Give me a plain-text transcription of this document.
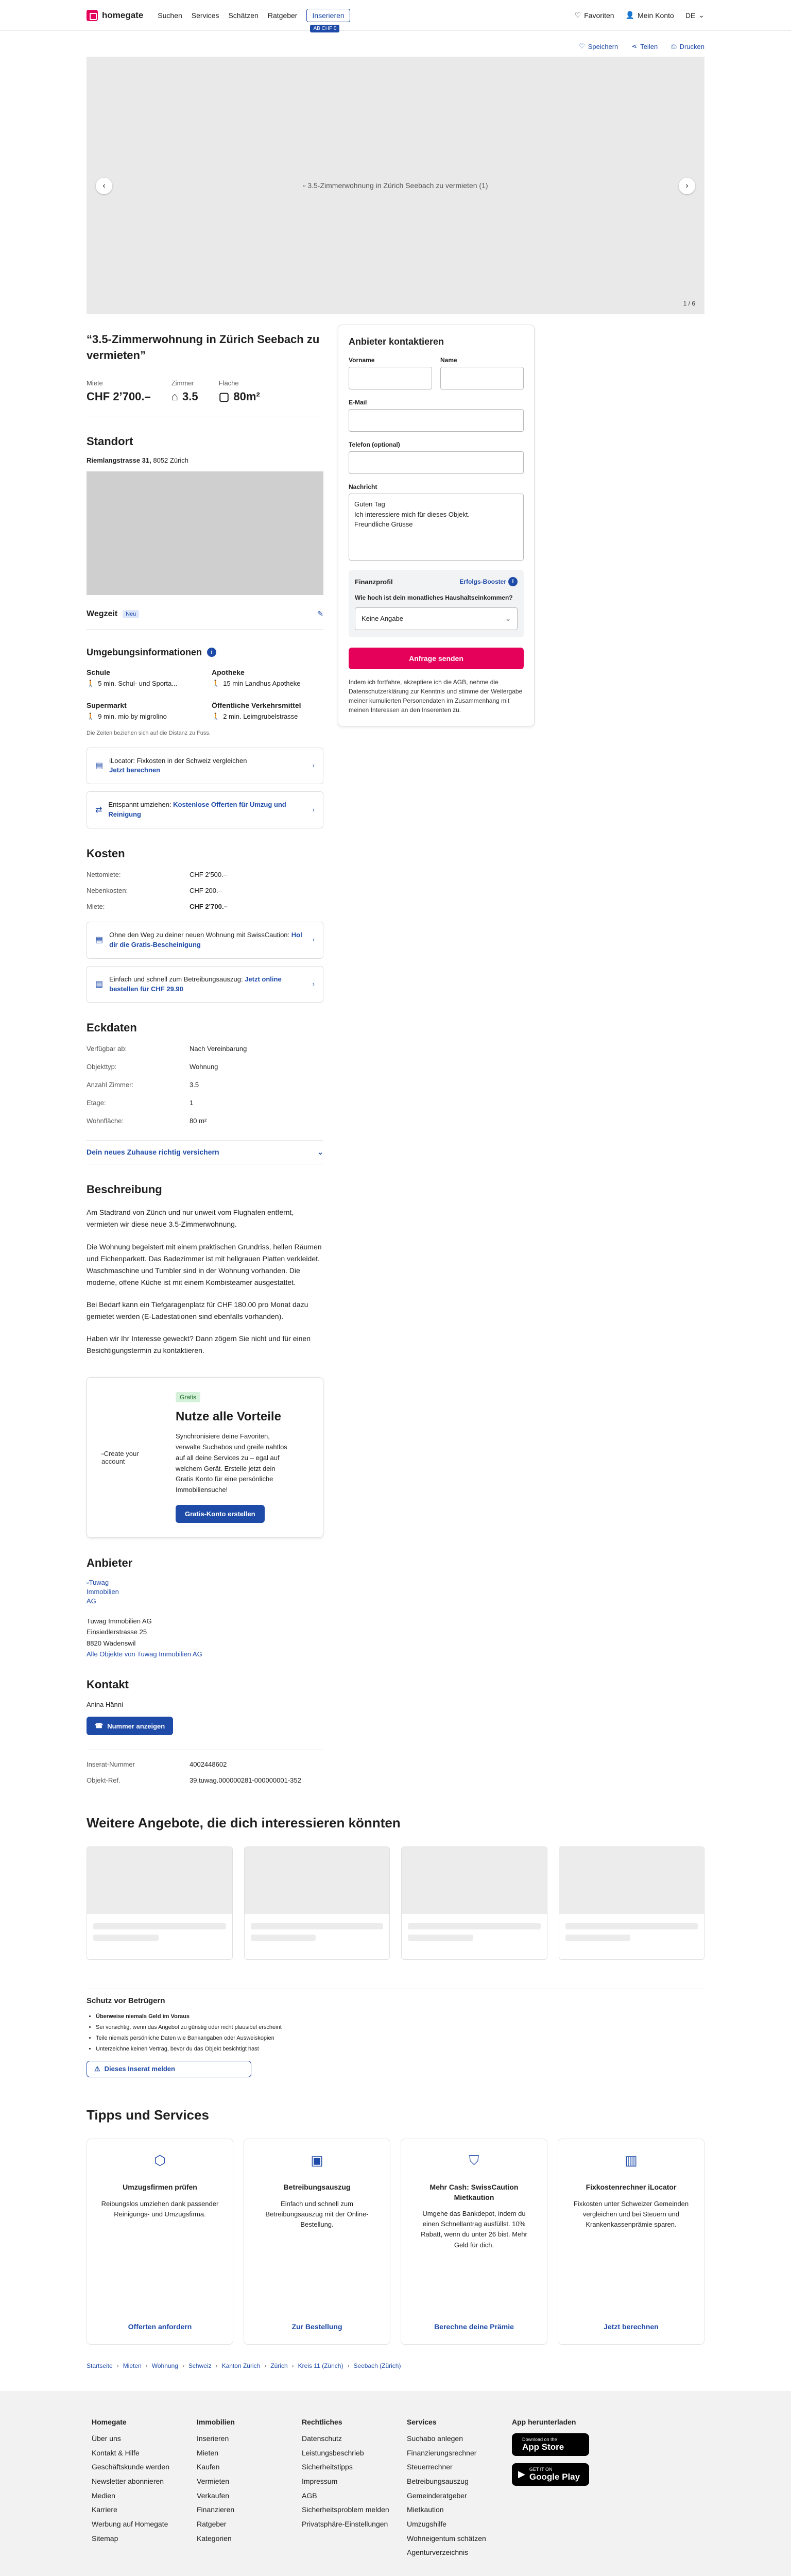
homegate Suchen Services Schätzen Ratgeber	Inserieren
AB CHF 0
♡ Favoriten 👤 Mein Konto DE ⌄
♡ Speichern ⋖ Teilen ⎙ Drucken
▫ 3.5-Zimmerwohnung in Zürich Seebach zu vermieten (1)
‹	›
1 / 6
“3.5-Zimmerwohnung in Zürich Seebach zu vermieten”
Miete
CHF 2’700.–
Zimmer
⌂ 3.5
Fläche
▢ 80m²
Standort
Riemlangstrasse 31, 8052 Zürich
Wegzeit	Neu	✎
Umgebungsinformationen	i
Schule
🚶 5 min. Schul- und Sporta...
Apotheke
🚶 15 min Landhus Apotheke
Supermarkt
🚶 9 min. mio by migrolino
Öffentliche Verkehrsmittel
🚶 2 min. Leimgrubelstrasse
Die Zeiten beziehen sich auf die Distanz zu Fuss.
▤
iLocator: Fixkosten in der Schweiz vergleichen
Jetzt berechnen
›
⇄
Entspannt umziehen: Kostenlose Offerten für Umzug und Reinigung
›
Kosten
Nettomiete:	CHF 2’500.–
Nebenkosten:	CHF 200.–
Miete:	CHF 2’700.–
▤
Ohne den Weg zu deiner neuen Wohnung mit SwissCaution: Hol dir die Gratis-Bescheinigung
›
▤
Einfach und schnell zum Betreibungsauszug: Jetzt online bestellen für CHF 29.90
›
Eckdaten
Verfügbar ab:	Nach Vereinbarung
Objekttyp:	Wohnung
Anzahl Zimmer:	3.5
Etage:	1
Wohnfläche:	80 m²
Dein neues Zuhause richtig versichern	⌄
Beschreibung

Am Stadtrand von Zürich und nur unweit vom Flughafen entfernt, vermieten wir diese neue 3.5-Zimmerwohnung.

Die Wohnung begeistert mit einem praktischen Grundriss, hellen Räumen und Eichenparkett. Das Badezimmer ist mit hellgrauen Platten verkleidet. Waschmaschine und Tumbler sind in der Wohnung vorhanden. Die moderne, offene Küche ist mit einem Kombisteamer ausgestattet.

Bei Bedarf kann ein Tiefgaragenplatz für CHF 180.00 pro Monat dazu gemietet werden (E-Ladestationen sind ebenfalls vorhanden).

Haben wir Ihr Interesse geweckt? Dann zögern Sie nicht und für einen Besichtigungstermin zu kontaktieren.

▫Create your account
Gratis
Nutze alle Vorteile
Synchronisiere deine Favoriten, verwalte Suchabos und greife nahtlos auf all deine Services zu – egal auf welchem Gerät. Erstelle jetzt dein Gratis Konto für eine persönliche Immobiliensuche!
Gratis-Konto erstellen
Anbieter
▫Tuwag Immobilien AG
Tuwag Immobilien AG
Einsiedlerstrasse 25
8820 Wädenswil
Alle Objekte von Tuwag Immobilien AG
Kontakt
Anina Hänni
☎ Nummer anzeigen
Inserat-Nummer	4002448602
Objekt-Ref.	39.tuwag.000000281-000000001-352
Anbieter kontaktieren
Vorname	Name
E-Mail
Telefon (optional)
Nachricht
Guten Tag
Ich interessiere mich für dieses Objekt.
Freundliche Grüsse
Finanzprofil	Erfolgs-Booster	i
Wie hoch ist dein monatliches Haushaltseinkommen?
Keine Angabe	⌄
Anfrage senden
Indem ich fortfahre, akzeptiere ich die AGB, nehme die Datenschutzerklärung zur Kenntnis und stimme der Weitergabe meiner kumulierten Personendaten im Zusammenhang mit meinen Interessen an den Inserenten zu.
Weitere Angebote, die dich interessieren könnten
Schutz vor Betrügern
• Überweise niemals Geld im Voraus
• Sei vorsichtig, wenn das Angebot zu günstig oder nicht plausibel erscheint
• Teile niemals persönliche Daten wie Bankangaben oder Ausweiskopien
• Unterzeichne keinen Vertrag, bevor du das Objekt besichtigt hast
⚠ Dieses Inserat melden
Tipps und Services
⬡
Umzugsfirmen prüfen
Reibungslos umziehen dank passender Reinigungs- und Umzugsfirma.
Offerten anfordern
▣
Betreibungsauszug
Einfach und schnell zum Betreibungsauszug mit der Online-Bestellung.
Zur Bestellung
⛉
Mehr Cash: SwissCaution Mietkaution
Umgehe das Bankdepot, indem du einen Schnellantrag ausfüllst. 10% Rabatt, wenn du unter 26 bist. Mehr Geld für dich.
Berechne deine Prämie
▥
Fixkostenrechner iLocator
Fixkosten unter Schweizer Gemeinden vergleichen und bei Steuern und Krankenkassenprämie sparen.
Jetzt berechnen
Startseite › Mieten › Wohnung › Schweiz › Kanton Zürich › Zürich › Kreis 11 (Zürich) › Seebach (Zürich)
Homegate
Über uns
Kontakt & Hilfe
Geschäftskunde werden
Newsletter abonnieren
Medien
Karriere
Werbung auf Homegate
Sitemap
Immobilien
Inserieren
Mieten
Kaufen
Vermieten
Verkaufen
Finanzieren
Ratgeber
Kategorien
Rechtliches
Datenschutz
Leistungsbeschrieb
Sicherheitstipps
Impressum
AGB
Sicherheitsproblem melden
Privatsphäre-Einstellungen
Services
Suchabo anlegen
Finanzierungsrechner
Steuerrechner
Betreibungsauszug
Gemeinderatgeber
Mietkaution
Umzugshilfe
Wohneigentum schätzen
Agenturverzeichnis
App herunterladen
Download on the
App Store
▶ GET IT ON
Google Play
